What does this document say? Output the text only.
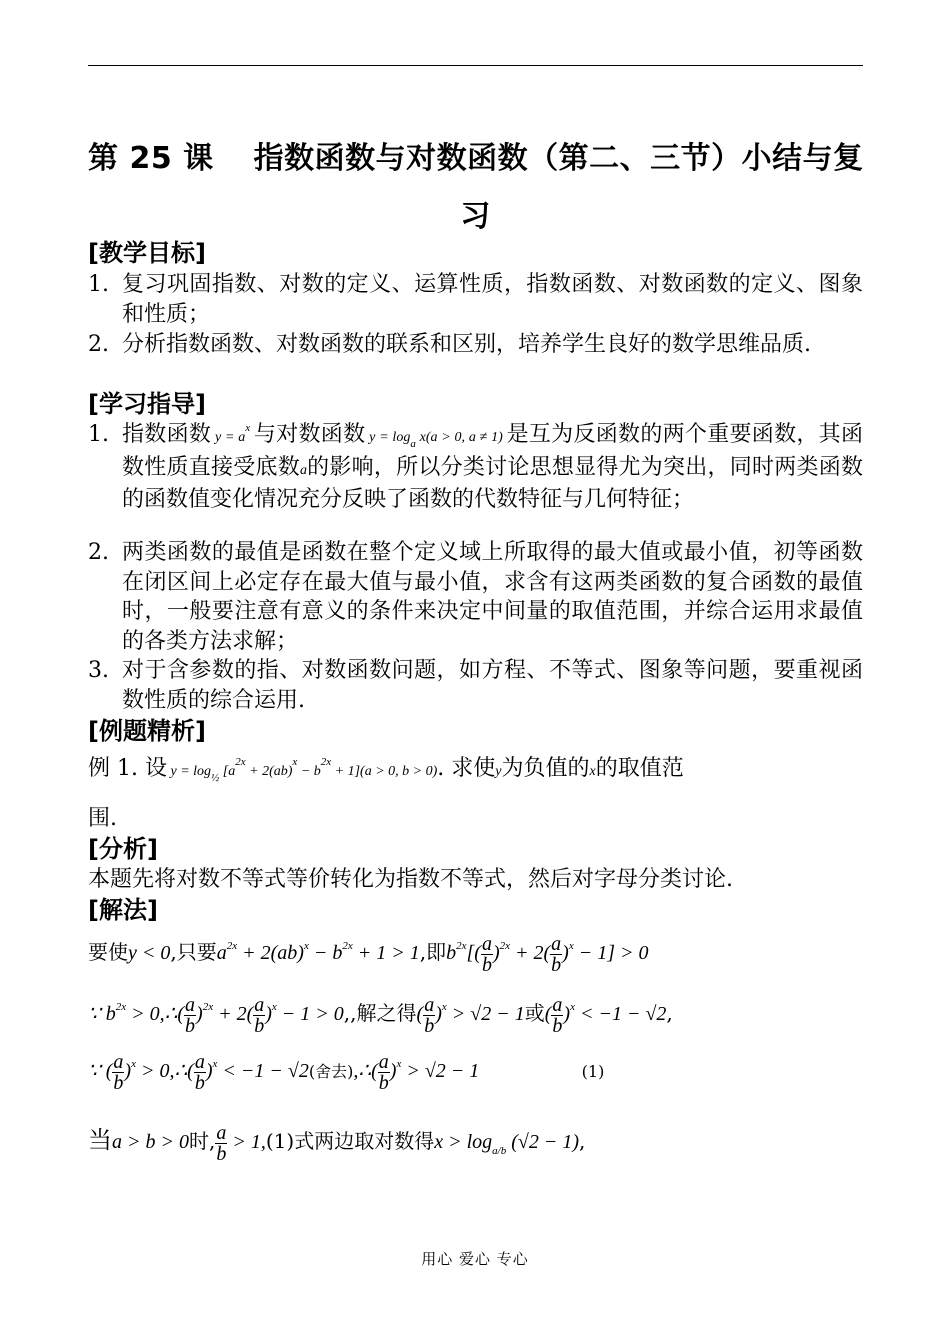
第 25 课 指数函数与对数函数（第二、三节）小结与复
习
[教学目标]
1. 复习巩固指数、对数的定义、运算性质，指数函数、对数函数的定义、图象和性质；
2. 分析指数函数、对数函数的联系和区别，培养学生良好的数学思维品质.
[学习指导]
1. 指数函数 $y = a^x$ 与对数函数 $y = \log_a x(a > 0$, a ≠ 1) 是互为反函数的两个重要函数，其函数性质直接受底数a的影响，所以分类讨论思想显得尤为突出，同时两类函数的函数值变化情况充分反映了函数的代数特征与几何特征；
2. 两类函数的最值是函数在整个定义域上所取得的最大值或最小值，初等函数在闭区间上必定存在最大值与最小值，求含有这两类函数的复合函数的最值时，一般要注意有意义的条件来决定中间量的取值范围，并综合运用求最值的各类方法求解；
3. 对于含参数的指、对数函数问题，如方程、不等式、图象等问题，要重视函数性质的综合运用.
[例题精析]
例 1. 设 $y = \log_{\frac{1}{2}} [a^{2x} + 2(ab)^x - b^{2x} + 1](a > 0$, b > 0). 求使y为负值的x的取值范
围.
[分析]
本题先将对数不等式等价转化为指数不等式，然后对字母分类讨论.
[解法]
要使y < 0,只要$a^{2x} + 2(ab)^x - b^{2x} + 1 > 1$,即$b^{2x}[( \frac{a}{b} )^{2x} + 2( \frac{a}{b} )^x - 1] > 0$
∵ $b^{2x}$ > 0,∴( $\frac{a}{b} )^{2x} + 2( \frac{a}{b} )^x - 1 > 0$,,解之得( $\frac{a}{b} )^x > √2 - 1$或( $\frac{a}{b} )^x < -1 - √2$,
∵ ( $\frac{a}{b} )^x$ > 0,∴( $\frac{a}{b} )^x < -1 - √2$(舍去),∴( $\frac{a}{b} )^x > √2 - 1$	(1)
当a > b > 0时, $\frac{a}{b} > 1,(1)$式两边取对数得$x > \log_{a/b} (√2 - 1)$,
用心 爱心 专心
